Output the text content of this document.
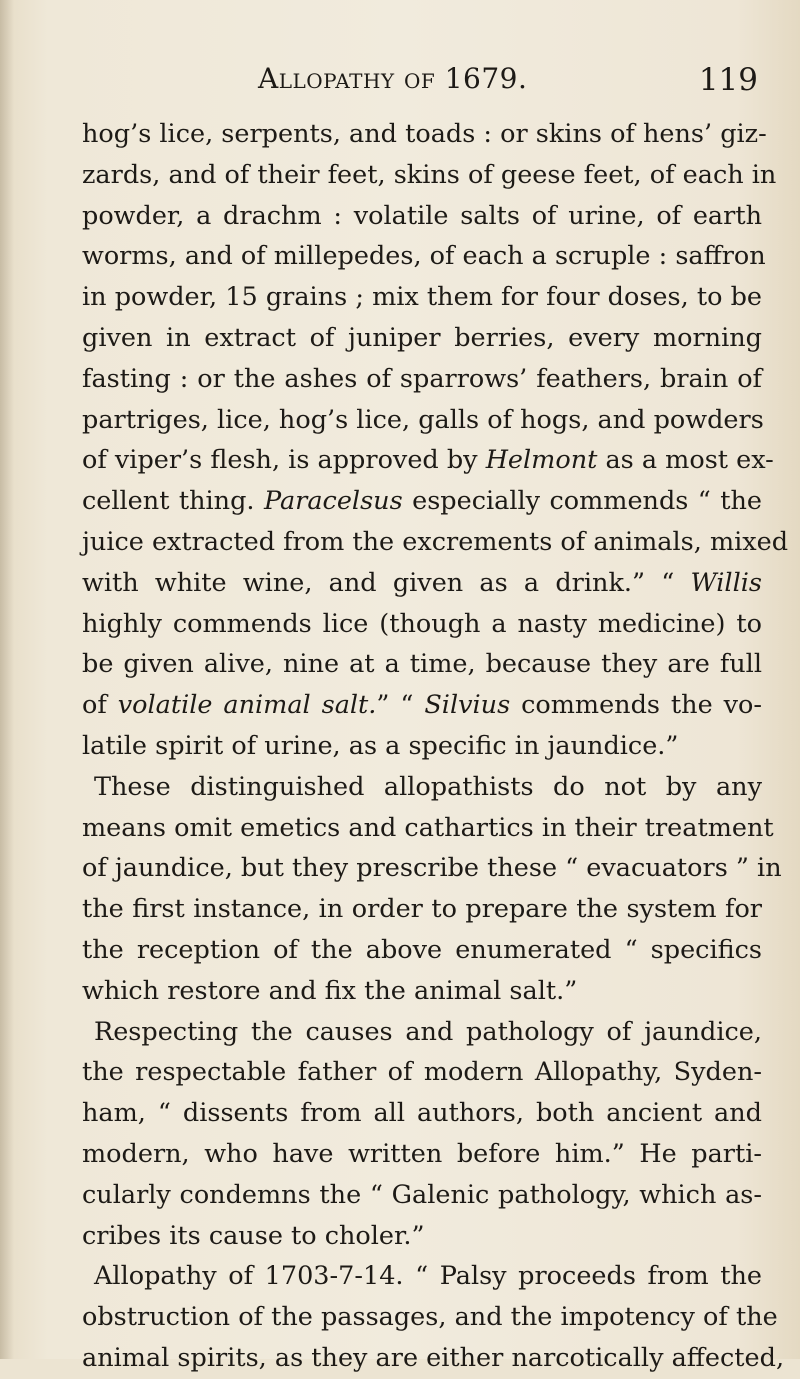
Allopathy of 1679.	119
hog’s lice, serpents, and toads : or skins of hens’ giz-
zards, and of their feet, skins of geese feet, of each in
powder, a drachm : volatile salts of urine, of earth
worms, and of millepedes, of each a scruple : saffron
in powder, 15 grains ; mix them for four doses, to be
given in extract of juniper berries, every morning
fasting : or the ashes of sparrows’ feathers, brain of
partriges, lice, hog’s lice, galls of hogs, and powders
of viper’s flesh, is approved by Helmont as a most ex-
cellent thing. Paracelsus especially commends “ the
juice extracted from the excrements of animals, mixed
with white wine, and given as a drink.” “ Willis
highly commends lice (though a nasty medicine) to
be given alive, nine at a time, because they are full
of volatile animal salt.” “ Silvius commends the vo-
latile spirit of urine, as a specific in jaundice.”
These distinguished allopathists do not by any
means omit emetics and cathartics in their treatment
of jaundice, but they prescribe these “ evacuators ” in
the first instance, in order to prepare the system for
the reception of the above enumerated “ specifics
which restore and fix the animal salt.”
Respecting the causes and pathology of jaundice,
the respectable father of modern Allopathy, Syden-
ham, “ dissents from all authors, both ancient and
modern, who have written before him.” He parti-
cularly condemns the “ Galenic pathology, which as-
cribes its cause to choler.”
Allopathy of 1703-7-14. “ Palsy proceeds from the
obstruction of the passages, and the impotency of the
animal spirits, as they are either narcotically affected,
